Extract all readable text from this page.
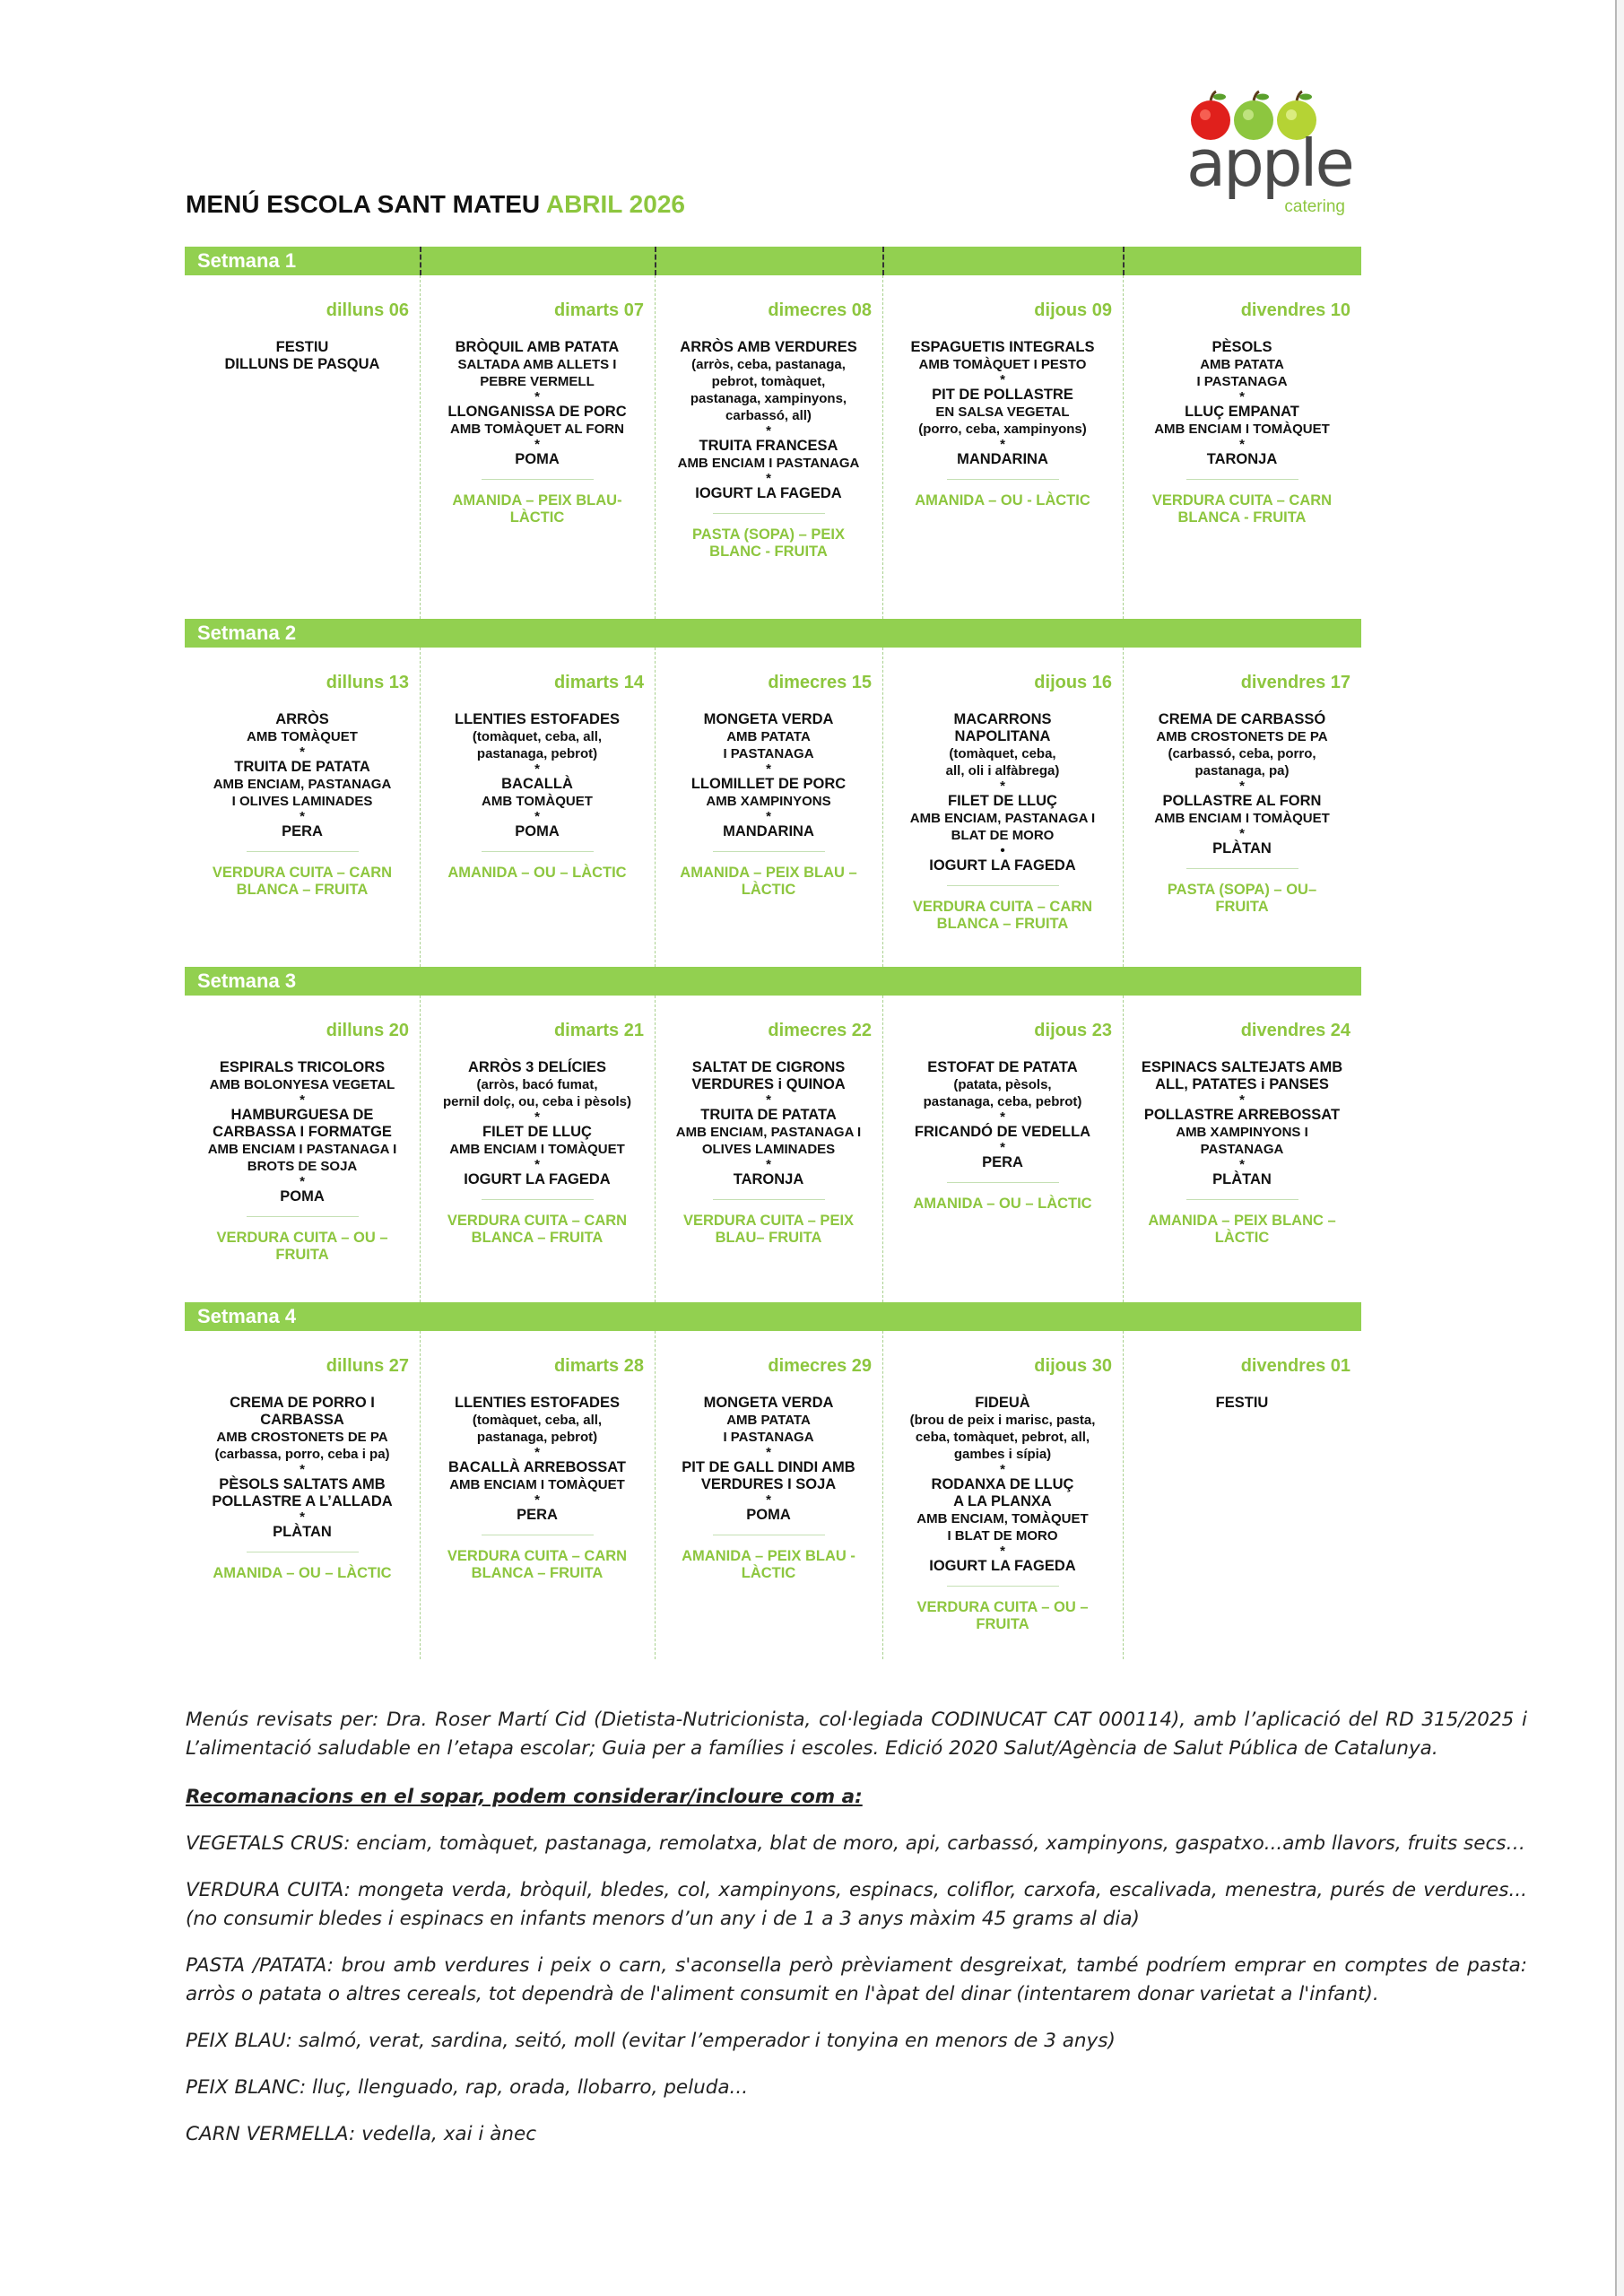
apple
catering
MENÚ ESCOLA SANT MATEU ABRIL 2026
Setmana 1
dilluns 06
FESTIU
DILLUNS DE PASQUA
dimarts 07
BRÒQUIL AMB PATATA
SALTADA AMB ALLETS I
PEBRE VERMELL
*
LLONGANISSA DE PORC
AMB TOMÀQUET AL FORN
*
POMA
AMANIDA – PEIX BLAU-
LÀCTIC
dimecres 08
ARRÒS AMB VERDURES
(arròs, ceba, pastanaga,
pebrot, tomàquet,
pastanaga, xampinyons,
carbassó, all)
*
TRUITA FRANCESA
AMB ENCIAM I PASTANAGA
*
IOGURT LA FAGEDA
PASTA (SOPA) – PEIX
BLANC - FRUITA
dijous 09
ESPAGUETIS INTEGRALS
AMB TOMÀQUET I PESTO
*
PIT DE POLLASTRE
EN SALSA VEGETAL
(porro, ceba, xampinyons)
*
MANDARINA
AMANIDA – OU - LÀCTIC
divendres 10
PÈSOLS
AMB PATATA
I PASTANAGA
*
LLUÇ EMPANAT
AMB ENCIAM I TOMÀQUET
*
TARONJA
VERDURA CUITA – CARN
BLANCA - FRUITA
Setmana 2
dilluns 13
ARRÒS
AMB TOMÀQUET
*
TRUITA DE PATATA
AMB ENCIAM, PASTANAGA
I OLIVES LAMINADES
*
PERA
VERDURA CUITA – CARN
BLANCA – FRUITA
dimarts 14
LLENTIES ESTOFADES
(tomàquet, ceba, all,
pastanaga, pebrot)
*
BACALLÀ
AMB TOMÀQUET
*
POMA
AMANIDA – OU – LÀCTIC
dimecres 15
MONGETA VERDA
AMB PATATA
I PASTANAGA
*
LLOMILLET DE PORC
AMB XAMPINYONS
*
MANDARINA
AMANIDA – PEIX BLAU –
LÀCTIC
dijous 16
MACARRONS
NAPOLITANA
(tomàquet, ceba,
all, oli i alfàbrega)
*
FILET DE LLUÇ
AMB ENCIAM, PASTANAGA I
BLAT DE MORO
•
IOGURT LA FAGEDA
VERDURA CUITA – CARN
BLANCA – FRUITA
divendres 17
CREMA DE CARBASSÓ
AMB CROSTONETS DE PA
(carbassó, ceba, porro,
pastanaga, pa)
*
POLLASTRE AL FORN
AMB ENCIAM I TOMÀQUET
*
PLÀTAN
PASTA (SOPA) – OU–
FRUITA
Setmana 3
dilluns 20
ESPIRALS TRICOLORS
AMB BOLONYESA VEGETAL
*
HAMBURGUESA DE
CARBASSA I FORMATGE
AMB ENCIAM I PASTANAGA I
BROTS DE SOJA
*
POMA
VERDURA CUITA – OU –
FRUITA
dimarts 21
ARRÒS 3 DELÍCIES
(arròs, bacó fumat,
pernil dolç, ou, ceba i pèsols)
*
FILET DE LLUÇ
AMB ENCIAM I TOMÀQUET
*
IOGURT LA FAGEDA
VERDURA CUITA – CARN
BLANCA – FRUITA
dimecres 22
SALTAT DE CIGRONS
VERDURES i QUINOA
*
TRUITA DE PATATA
AMB ENCIAM, PASTANAGA I
OLIVES LAMINADES
*
TARONJA
VERDURA CUITA – PEIX
BLAU– FRUITA
dijous 23
ESTOFAT DE PATATA
(patata, pèsols,
pastanaga, ceba, pebrot)
*
FRICANDÓ DE VEDELLA
*
PERA
AMANIDA – OU – LÀCTIC
divendres 24
ESPINACS SALTEJATS AMB
ALL, PATATES i PANSES
*
POLLASTRE ARREBOSSAT
AMB XAMPINYONS I
PASTANAGA
*
PLÀTAN
AMANIDA – PEIX BLANC –
LÀCTIC
Setmana 4
dilluns 27
CREMA DE PORRO I
CARBASSA
AMB CROSTONETS DE PA
(carbassa, porro, ceba i pa)
*
PÈSOLS SALTATS AMB
POLLASTRE A L’ALLADA
*
PLÀTAN
AMANIDA – OU – LÀCTIC
dimarts 28
LLENTIES ESTOFADES
(tomàquet, ceba, all,
pastanaga, pebrot)
*
BACALLÀ ARREBOSSAT
AMB ENCIAM I TOMÀQUET
*
PERA
VERDURA CUITA – CARN
BLANCA – FRUITA
dimecres 29
MONGETA VERDA
AMB PATATA
I PASTANAGA
*
PIT DE GALL DINDI AMB
VERDURES I SOJA
*
POMA
AMANIDA – PEIX BLAU -
LÀCTIC
dijous 30
FIDEUÀ
(brou de peix i marisc, pasta,
ceba, tomàquet, pebrot, all,
gambes i sípia)
*
RODANXA DE LLUÇ
A LA PLANXA
AMB ENCIAM, TOMÀQUET
I BLAT DE MORO
*
IOGURT LA FAGEDA
VERDURA CUITA – OU –
FRUITA
divendres 01
FESTIU

Menús revisats per: Dra. Roser Martí Cid (Dietista-Nutricionista, col·legiada CODINUCAT CAT 000114), amb l’aplicació del RD 315/2025 i L’alimentació saludable en l’etapa escolar; Guia per a famílies i escoles. Edició 2020 Salut/Agència de Salut Pública de Catalunya.

Recomanacions en el sopar, podem considerar/incloure com a:

VEGETALS CRUS: enciam, tomàquet, pastanaga, remolatxa, blat de moro, api, carbassó, xampinyons, gaspatxo...amb llavors, fruits secs…

VERDURA CUITA: mongeta verda, bròquil, bledes, col, xampinyons, espinacs, coliflor, carxofa, escalivada, menestra, purés de verdures... (no consumir bledes i espinacs en infants menors d’un any i de 1 a 3 anys màxim 45 grams al dia)

PASTA /PATATA: brou amb verdures i peix o carn, s'aconsella però prèviament desgreixat, també podríem emprar en comptes de pasta: arròs o patata o altres cereals, tot dependrà de l'aliment consumit en l'àpat del dinar (intentarem donar varietat a l'infant).

PEIX BLAU: salmó, verat, sardina, seitó, moll (evitar l’emperador i tonyina en menors de 3 anys)

PEIX BLANC: lluç, llenguado, rap, orada, llobarro, peluda...

CARN VERMELLA: vedella, xai i ànec
